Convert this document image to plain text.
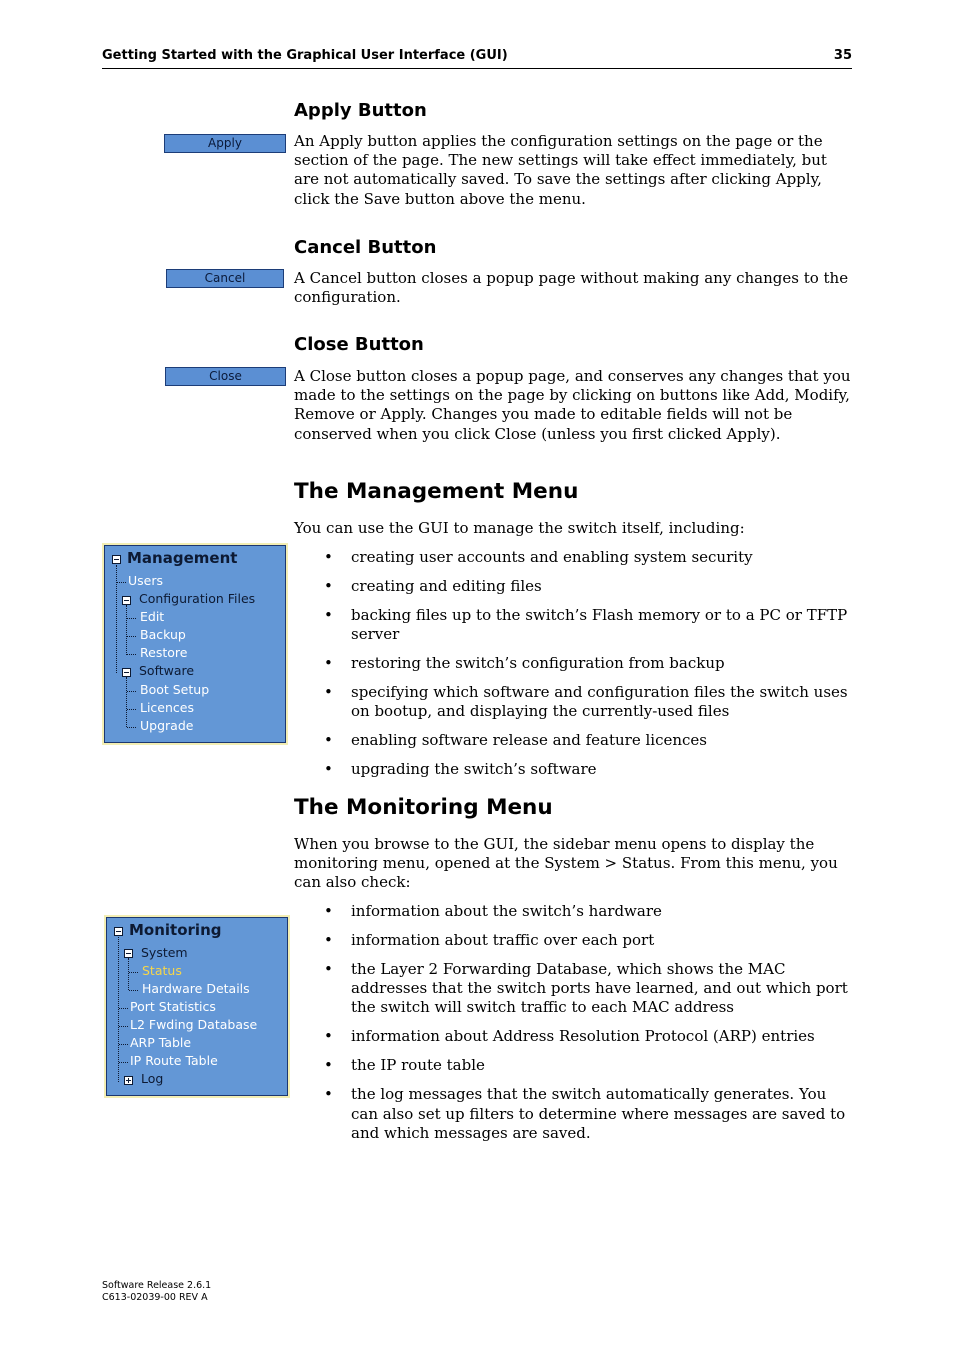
Getting Started with the Graphical User Interface (GUI)	35
Apply Button
Apply	An Apply button applies the configuration settings on the page or the section of the page. The new settings will take effect immediately, but are not automatically saved. To save the settings after clicking Apply, click the Save button above the menu.

Cancel Button
Cancel	A Cancel button closes a popup page without making any changes to the configuration.

Close Button
Close	A Close button closes a popup page, and conserves any changes that you made to the settings on the page by clicking on buttons like Add, Modify, Remove or Apply. Changes you made to editable fields will not be conserved when you click Close (unless you first clicked Apply).

The Management Menu

You can use the GUI to manage the switch itself, including:

• creating user accounts and enabling system security
• creating and editing files
• backing files up to the switch’s Flash memory or to a PC or TFTP server
• restoring the switch’s configuration from backup
• specifying which software and configuration files the switch uses on bootup, and displaying the currently-used files
• enabling software release and feature licences
• upgrading the switch’s software
Management
Users
Configuration Files
Edit
Backup
Restore
Software
Boot Setup
Licences
Upgrade
The Monitoring Menu

When you browse to the GUI, the sidebar menu opens to display the monitoring menu, opened at the System > Status. From this menu, you can also check:

• information about the switch’s hardware
• information about traffic over each port
• the Layer 2 Forwarding Database, which shows the MAC addresses that the switch ports have learned, and out which port the switch will switch traffic to each MAC address
• information about Address Resolution Protocol (ARP) entries
• the IP route table
• the log messages that the switch automatically generates. You can also set up filters to determine where messages are saved to and which messages are saved.
Monitoring
System
Status
Hardware Details
Port Statistics
L2 Fwding Database
ARP Table
IP Route Table
Log
Software Release 2.6.1
C613-02039-00 REV A
